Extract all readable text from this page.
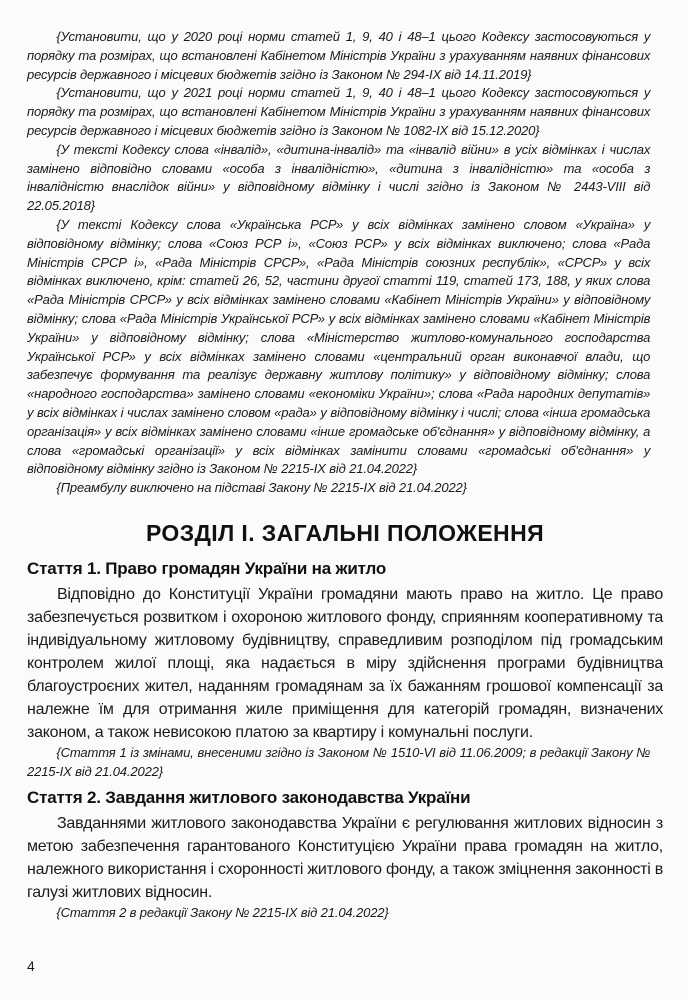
{Установити, що у 2020 році норми статей 1, 9, 40 і 48–1 цього Кодексу застосовуються у порядку та розмірах, що встановлені Кабінетом Міністрів України з урахуванням наявних фінансових ресурсів державного і місцевих бюджетів згідно із Законом № 294-IX від 14.11.2019}

{Установити, що у 2021 році норми статей 1, 9, 40 і 48–1 цього Кодексу застосовуються у порядку та розмірах, що встановлені Кабінетом Міністрів України з урахуванням наявних фінансових ресурсів державного і місцевих бюджетів згідно із Законом № 1082-IX від 15.12.2020}

{У тексті Кодексу слова «інвалід», «дитина-інвалід» та «інвалід війни» в усіх відмінках і числах замінено відповідно словами «особа з інвалідністю», «дитина з інвалідністю» та «особа з інвалідністю внаслідок війни» у відповідному відмінку і числі згідно із Законом № 2443-VIII від 22.05.2018}

{У тексті Кодексу слова «Українська РСР» у всіх відмінках замінено словом «Україна» у відповідному відмінку; слова «Союз РСР і», «Союз РСР» у всіх відмінках виключено; слова «Рада Міністрів СРСР і», «Рада Міністрів СРСР», «Рада Міністрів союзних республік», «СРСР» у всіх відмінках виключено, крім: статей 26, 52, частини другої статті 119, статей 173, 188, у яких слова «Рада Міністрів СРСР» у всіх відмінках замінено словами «Кабінет Міністрів України» у відповідному відмінку; слова «Рада Міністрів Української РСР» у всіх відмінках замінено словами «Кабінет Міністрів України» у відповідному відмінку; слова «Міністерство житлово-комунального господарства Української РСР» у всіх відмінках замінено словами «центральний орган виконавчої влади, що забезпечує формування та реалізує державну житлову політику» у відповідному відмінку; слова «народного господарства» замінено словами «економіки України»; слова «Рада народних депутатів» у всіх відмінках і числах замінено словом «рада» у відповідному відмінку і числі; слова «інша громадська організація» у всіх відмінках замінено словами «інше громадське об'єднання» у відповідному відмінку, а слова «громадські організації» у всіх відмінках замінити словами «громадські об'єднання» у відповідному відмінку згідно із Законом № 2215-IX від 21.04.2022}

{Преамбулу виключено на підставі Закону № 2215-IX від 21.04.2022}

РОЗДІЛ І. ЗАГАЛЬНІ ПОЛОЖЕННЯ
Стаття 1. Право громадян України на житло

Відповідно до Конституції України громадяни мають право на житло. Це право забезпечується розвитком і охороною житлового фонду, сприянням кооперативному та індивідуальному житловому будівництву, справедливим розподілом під громадським контролем жилої площі, яка надається в міру здійснення програми будівництва благоустроєних жител, наданням громадянам за їх бажанням грошової компенсації за належне їм для отримання жиле приміщення для категорій громадян, визначених законом, а також невисокою платою за квартиру і комунальні послуги.

{Стаття 1 із змінами, внесеними згідно із Законом № 1510-VI від 11.06.2009; в редакції Закону № 2215-IX від 21.04.2022}

Стаття 2. Завдання житлового законодавства України

Завданнями житлового законодавства України є регулювання житлових відносин з метою забезпечення гарантованого Конституцією України права громадян на житло, належного використання і схоронності житлового фонду, а також зміцнення законності в галузі житлових відносин.

{Стаття 2 в редакції Закону № 2215-IX від 21.04.2022}

4
